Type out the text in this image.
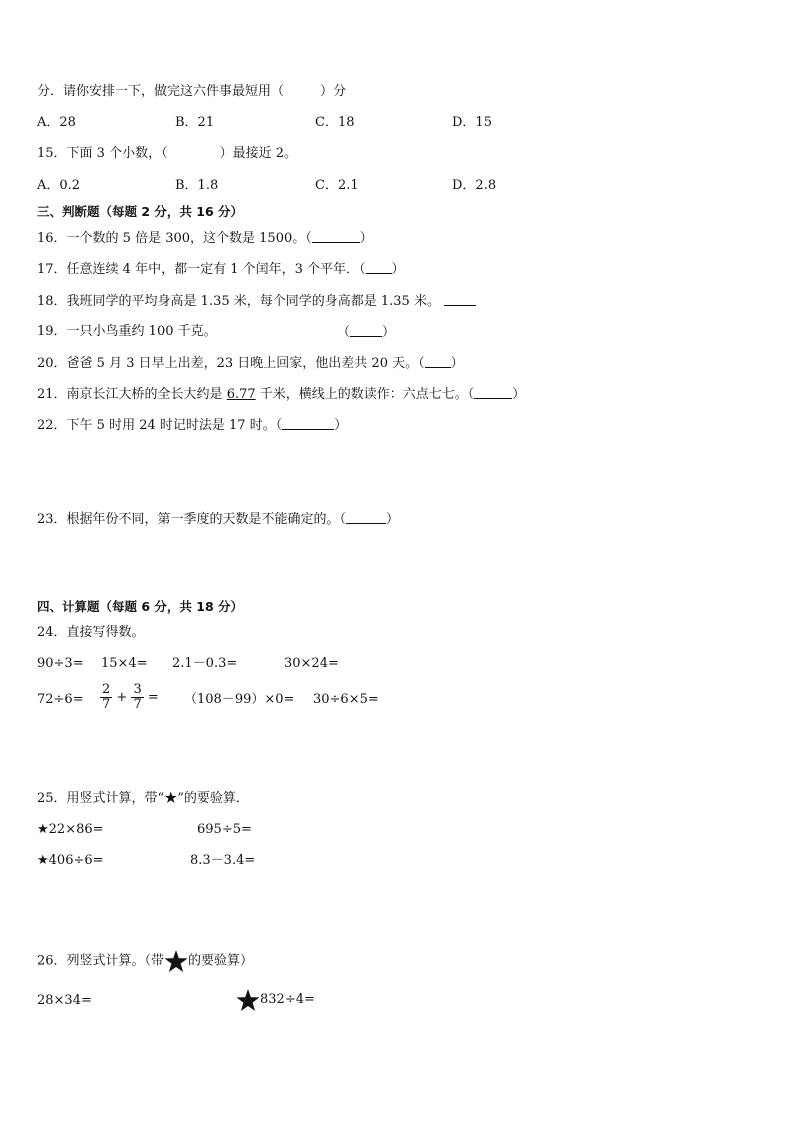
分．请你安排一下，做完这六件事最短用（	）分
A．28	B．21	C．18	D．15
15．下面 3 个小数，（	）最接近 2。
A．0.2	B．1.8	C．2.1	D．2.8
三、判断题（每题 2 分，共 16 分）
16．一个数的 5 倍是 300，这个数是 1500。（	）
17．任意连续 4 年中，都一定有 1 个闰年，3 个平年．（ ）
18．我班同学的平均身高是 1.35 米，每个同学的身高都是 1.35 米。
19．一只小鸟重约 100 千克。	（ ）
20．爸爸 5 月 3 日早上出差，23 日晚上回家，他出差共 20 天。（ ）
21．南京长江大桥的全长大约是 6.77 千米，横线上的数读作：六点七七。（	）
22．下午 5 时用 24 时记时法是 17 时。（	）
23．根据年份不同，第一季度的天数是不能确定的。（	）
四、计算题（每题 6 分，共 18 分）
24．直接写得数。
90÷3= 15×4= 2.1－0.3=	30×24=
$72\div 6= \frac{2}{7} + \frac{3}{7} = (108-99)\times 0= 30\div 6\times 5=$
25．用竖式计算，带“★”的要验算．
★22×86=	695÷5=
★406÷6=	8.3－3.4=
26．列竖式计算。（带 的要验算）
28×34=	832÷4=
